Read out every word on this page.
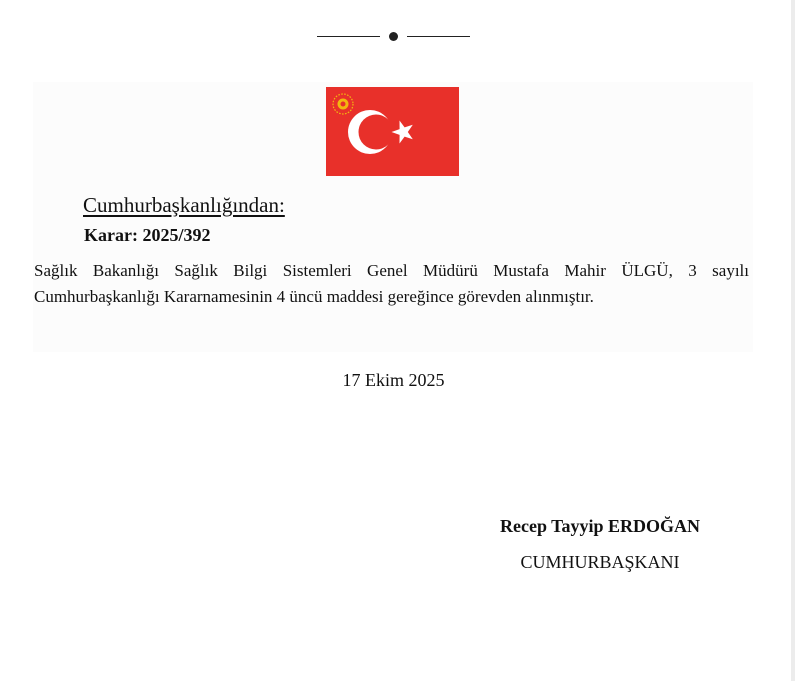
Cumhurbaşkanlığından:
Karar: 2025/392
Sağlık Bakanlığı Sağlık Bilgi Sistemleri Genel Müdürü Mustafa Mahir ÜLGÜ, 3 sayılı Cumhurbaşkanlığı Kararnamesinin 4 üncü maddesi gereğince görevden alınmıştır.
17 Ekim 2025
Recep Tayyip ERDOĞAN
CUMHURBAŞKANI
